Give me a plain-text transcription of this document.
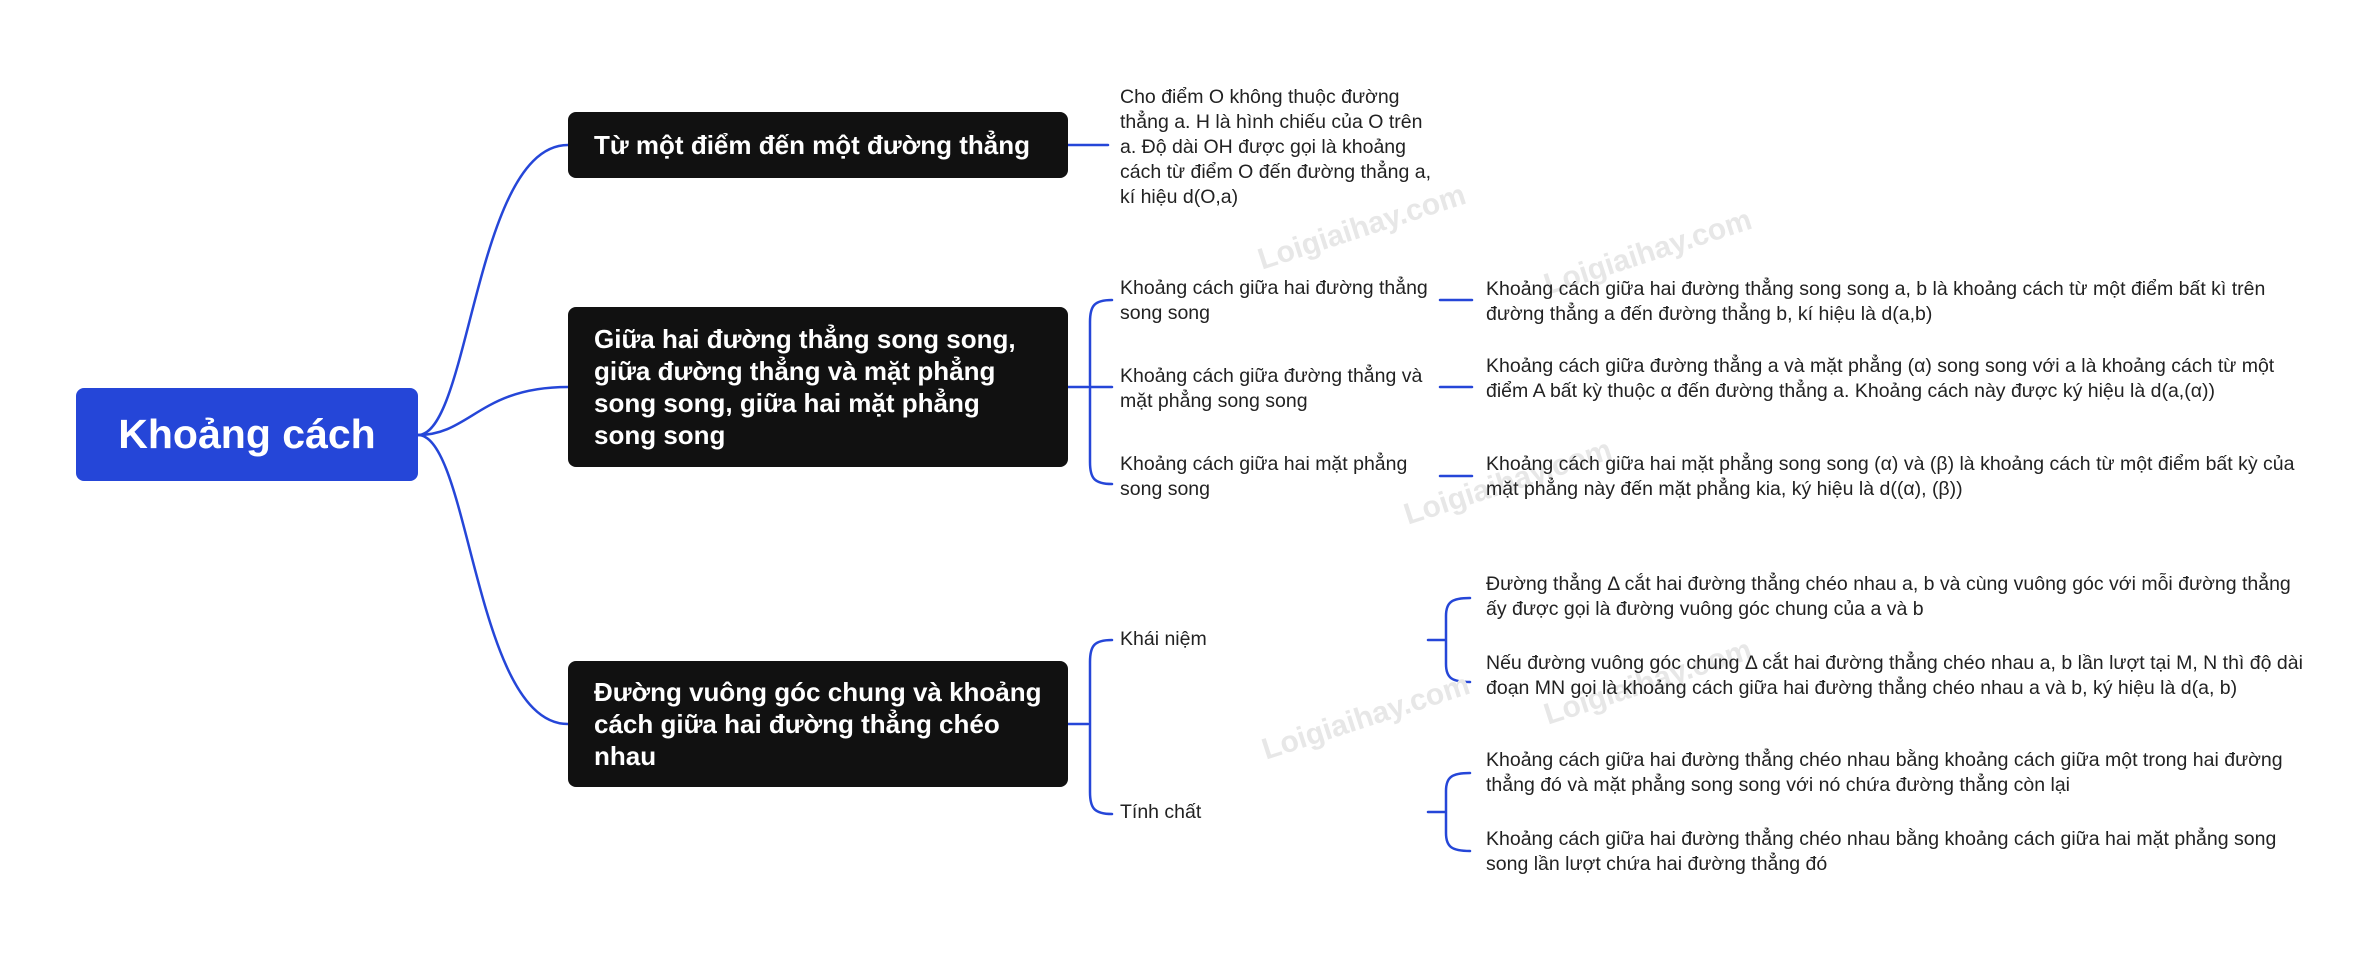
Loigiaihay.com Loigiaihay.com
Loigiaihay.com
Loigiaihay.com Loigiaihay.com
Khoảng cách
Từ một điểm đến một đường thẳng
Giữa hai đường thẳng song song, giữa đường thẳng và mặt phẳng song song, giữa hai mặt phẳng song song
Đường vuông góc chung và khoảng cách giữa hai đường thẳng chéo nhau

Cho điểm O không thuộc đường thẳng a. H là hình chiếu của O trên a. Độ dài OH được gọi là khoảng cách từ điểm O đến đường thẳng a, kí hiệu d(O,a)

Khoảng cách giữa hai đường thẳng song song

Khoảng cách giữa đường thẳng và mặt phẳng song song

Khoảng cách giữa hai mặt phẳng song song

Khoảng cách giữa hai đường thẳng song song a, b là khoảng cách từ một điểm bất kì trên đường thẳng a đến đường thẳng b, kí hiệu là d(a,b)

Khoảng cách giữa đường thẳng a và mặt phẳng (α) song song với a là khoảng cách từ một điểm A bất kỳ thuộc α đến đường thẳng a. Khoảng cách này được ký hiệu là d(a,(α))

Khoảng cách giữa hai mặt phẳng song song (α) và (β) là khoảng cách từ một điểm bất kỳ của mặt phẳng này đến mặt phẳng kia, ký hiệu là d((α), (β))

Khái niệm

Tính chất

Đường thẳng Δ cắt hai đường thẳng chéo nhau a, b và cùng vuông góc với mỗi đường thẳng ấy được gọi là đường vuông góc chung của a và b

Nếu đường vuông góc chung Δ cắt hai đường thẳng chéo nhau a, b lần lượt tại M, N thì độ dài đoạn MN gọi là khoảng cách giữa hai đường thẳng chéo nhau a và b, ký hiệu là d(a, b)

Khoảng cách giữa hai đường thẳng chéo nhau bằng khoảng cách giữa một trong hai đường thẳng đó và mặt phẳng song song với nó chứa đường thẳng còn lại

Khoảng cách giữa hai đường thẳng chéo nhau bằng khoảng cách giữa hai mặt phẳng song song lần lượt chứa hai đường thẳng đó
